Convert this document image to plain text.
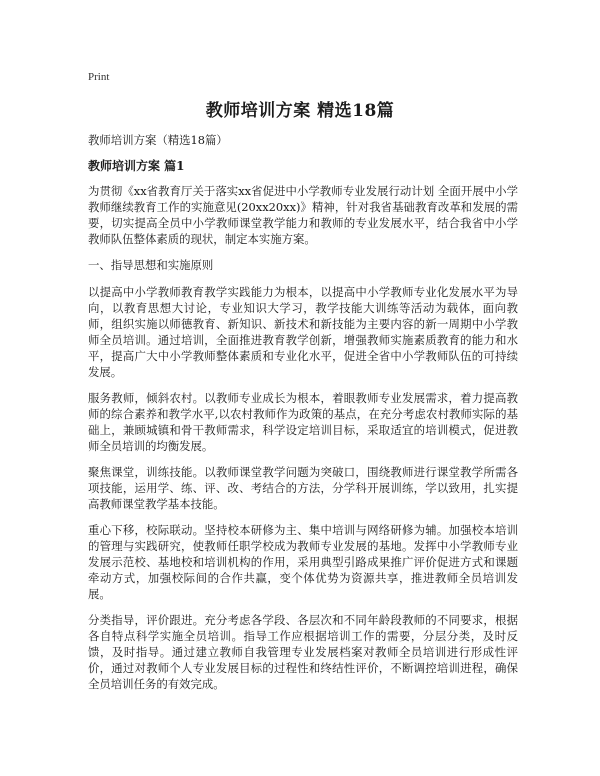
Print
教师培训方案 精选18篇

教师培训方案（精选18篇）

教师培训方案 篇1

为贯彻《xx省教育厅关于落实xx省促进中小学教师专业发展行动计划 全面开展中小学教师继续教育工作的实施意见(20xx20xx)》精神，针对我省基础教育改革和发展的需要，切实提高全员中小学教师课堂教学能力和教师的专业发展水平，结合我省中小学教师队伍整体素质的现状，制定本实施方案。

一、指导思想和实施原则

以提高中小学教师教育教学实践能力为根本，以提高中小学教师专业化发展水平为导向，以教育思想大讨论，专业知识大学习，教学技能大训练等活动为载体，面向教师，组织实施以师德教育、新知识、新技术和新技能为主要内容的新一周期中小学教师全员培训。通过培训，全面推进教育教学创新，增强教师实施素质教育的能力和水平，提高广大中小学教师整体素质和专业化水平，促进全省中小学教师队伍的可持续发展。

服务教师，倾斜农村。以教师专业成长为根本，着眼教师专业发展需求，着力提高教师的综合素养和教学水平,以农村教师作为政策的基点，在充分考虑农村教师实际的基础上，兼顾城镇和骨干教师需求，科学设定培训目标，采取适宜的培训模式，促进教师全员培训的均衡发展。

聚焦课堂，训练技能。以教师课堂教学问题为突破口，围绕教师进行课堂教学所需各项技能，运用学、练、评、改、考结合的方法，分学科开展训练，学以致用，扎实提高教师课堂教学基本技能。

重心下移，校际联动。坚持校本研修为主、集中培训与网络研修为辅。加强校本培训的管理与实践研究，使教师任职学校成为教师专业发展的基地。发挥中小学教师专业发展示范校、基地校和培训机构的作用，采用典型引路成果推广评价促进方式和课题牵动方式，加强校际间的合作共赢，变个体优势为资源共享，推进教师全员培训发展。

分类指导，评价跟进。充分考虑各学段、各层次和不同年龄段教师的不同要求，根据各自特点科学实施全员培训。指导工作应根据培训工作的需要，分层分类，及时反馈，及时指导。通过建立教师自我管理专业发展档案对教师全员培训进行形成性评价，通过对教师个人专业发展目标的过程性和终结性评价，不断调控培训进程，确保全员培训任务的有效完成。
